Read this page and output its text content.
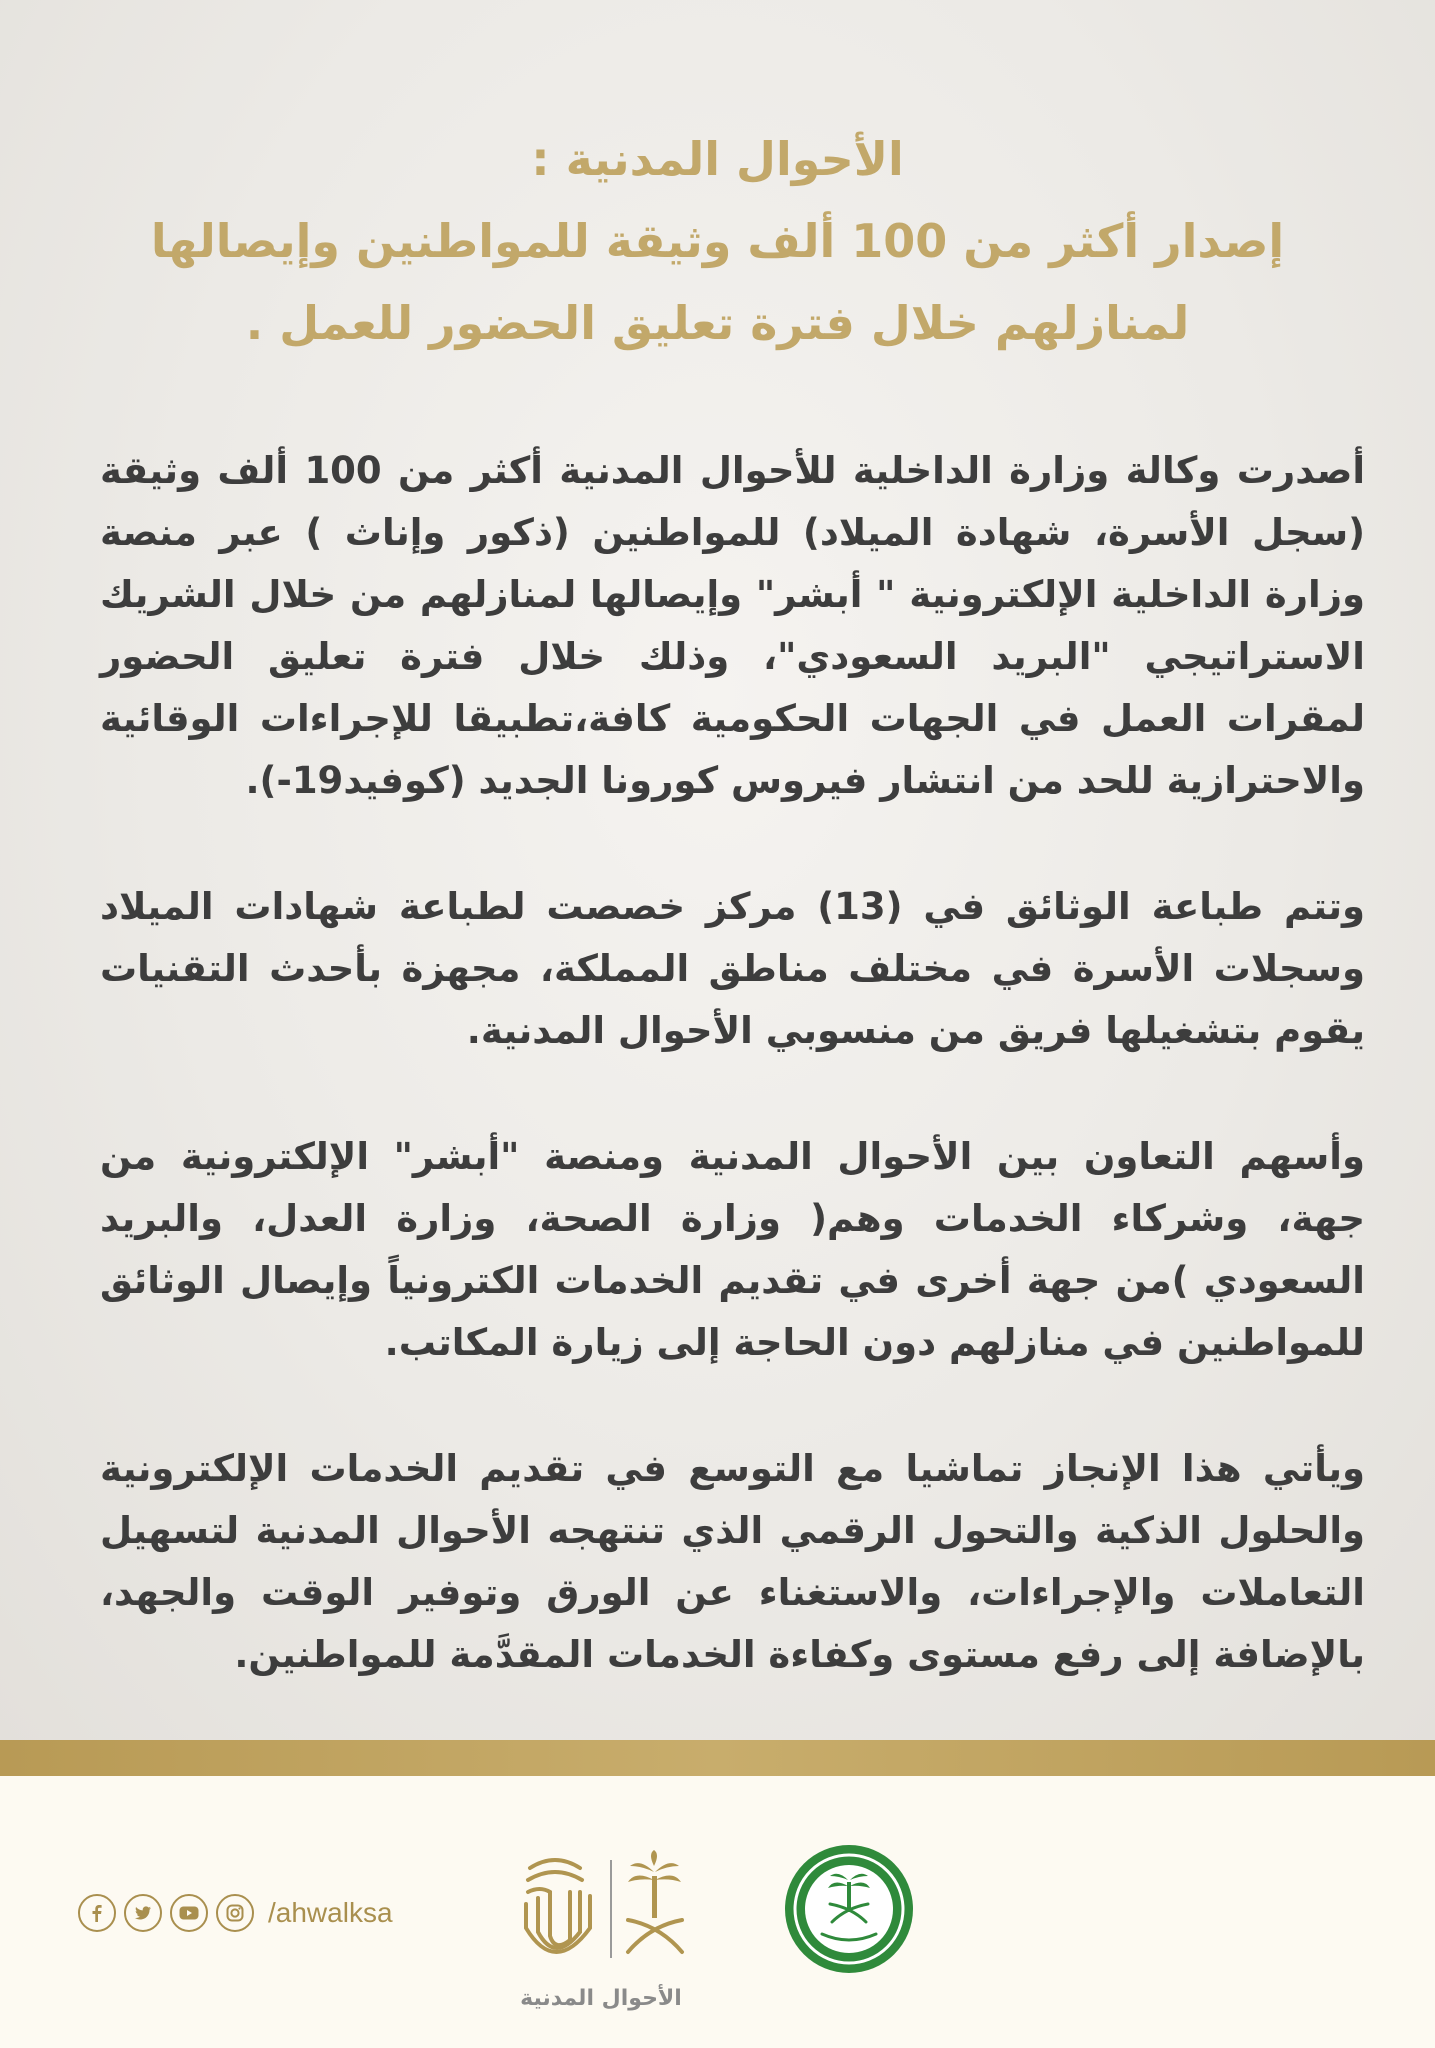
الأحوال المدنية :
إصدار أكثر من 100 ألف وثيقة للمواطنين وإيصالها
لمنازلهم خلال فترة تعليق الحضور للعمل .

أصدرت وكالة وزارة الداخلية للأحوال المدنية أكثر من 100 ألف وثيقة (سجل الأسرة، شهادة الميلاد) للمواطنين (ذكور وإناث ) عبر منصة وزارة الداخلية الإلكترونية " أبشر" وإيصالها لمنازلهم من خلال الشريك الاستراتيجي "البريد السعودي"، وذلك خلال فترة تعليق الحضور لمقرات العمل في الجهات الحكومية كافة،تطبيقا للإجراءات الوقائية والاحترازية للحد من انتشار فيروس كورونا الجديد (كوفيد19-).

وتتم طباعة الوثائق في (13) مركز خصصت لطباعة شهادات الميلاد وسجلات الأسرة في مختلف مناطق المملكة، مجهزة بأحدث التقنيات يقوم بتشغيلها فريق من منسوبي الأحوال المدنية.

وأسهم التعاون بين الأحوال المدنية ومنصة "أبشر" الإلكترونية من جهة، وشركاء الخدمات وهم( وزارة الصحة، وزارة العدل، والبريد السعودي )من جهة أخرى في تقديم الخدمات الكترونياً وإيصال الوثائق للمواطنين في منازلهم دون الحاجة إلى زيارة المكاتب.

ويأتي هذا الإنجاز تماشيا مع التوسع في تقديم الخدمات الإلكترونية والحلول الذكية والتحول الرقمي الذي تنتهجه الأحوال المدنية لتسهيل التعاملات والإجراءات، والاستغناء عن الورق وتوفير الوقت والجهد، بالإضافة إلى رفع مستوى وكفاءة الخدمات المقدَّمة للمواطنين.

/ahwalksa
الأحوال المدنية
